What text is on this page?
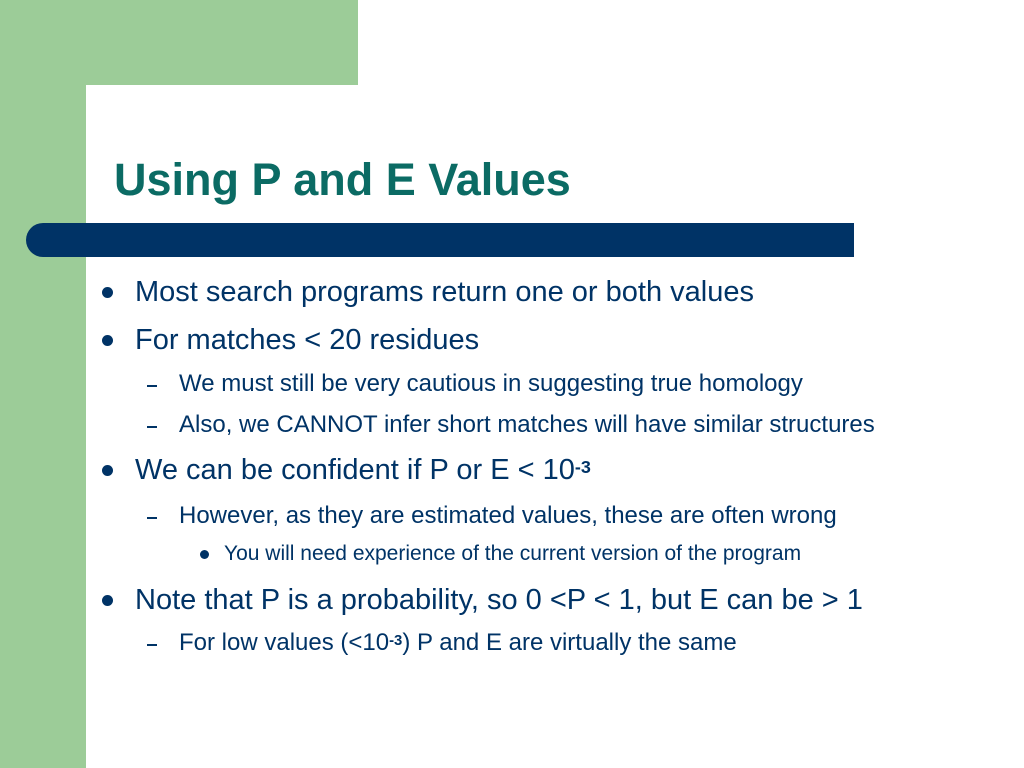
Using P and E Values
Most search programs return one or both values
For matches < 20 residues
We must still be very cautious in suggesting true homology
Also, we CANNOT infer short matches will have similar structures
We can be confident if P or $E < 10^{-3}$
However, as they are estimated values, these are often wrong
You will need experience of the current version of the program
Note that P is a probability, so 0 <P < 1, but E can be > 1
For low values $(<10^{-3})$ P and E are virtually the same
